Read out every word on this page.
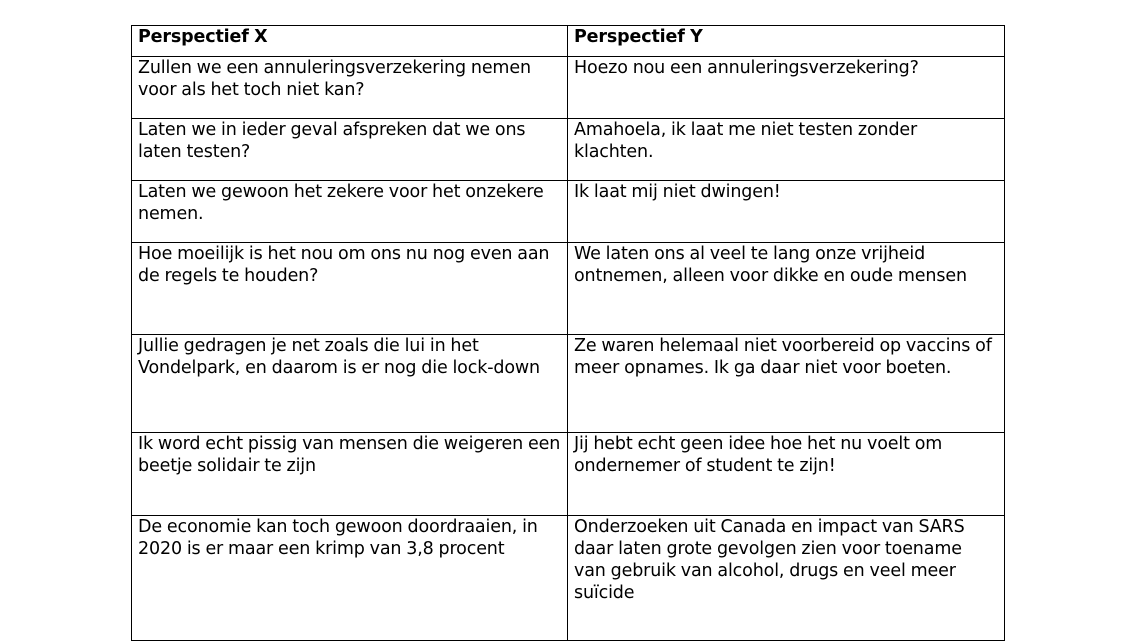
Perspectief X	Perspectief Y
Zullen we een annuleringsverzekering nemen voor als het toch niet kan?	Hoezo nou een annuleringsverzekering?
Laten we in ieder geval afspreken dat we ons laten testen?	Amahoela, ik laat me niet testen zonder klachten.
Laten we gewoon het zekere voor het onzekere nemen.	Ik laat mij niet dwingen!
Hoe moeilijk is het nou om ons nu nog even aan de regels te houden?	We laten ons al veel te lang onze vrijheid ontnemen, alleen voor dikke en oude mensen
Jullie gedragen je net zoals die lui in het Vondelpark, en daarom is er nog die lock-down	Ze waren helemaal niet voorbereid op vaccins of meer opnames. Ik ga daar niet voor boeten.
Ik word echt pissig van mensen die weigeren een beetje solidair te zijn	Jij hebt echt geen idee hoe het nu voelt om ondernemer of student te zijn!
De economie kan toch gewoon doordraaien, in 2020 is er maar een krimp van 3,8 procent	Onderzoeken uit Canada en impact van SARS daar laten grote gevolgen zien voor toename van gebruik van alcohol, drugs en veel meer suïcide
